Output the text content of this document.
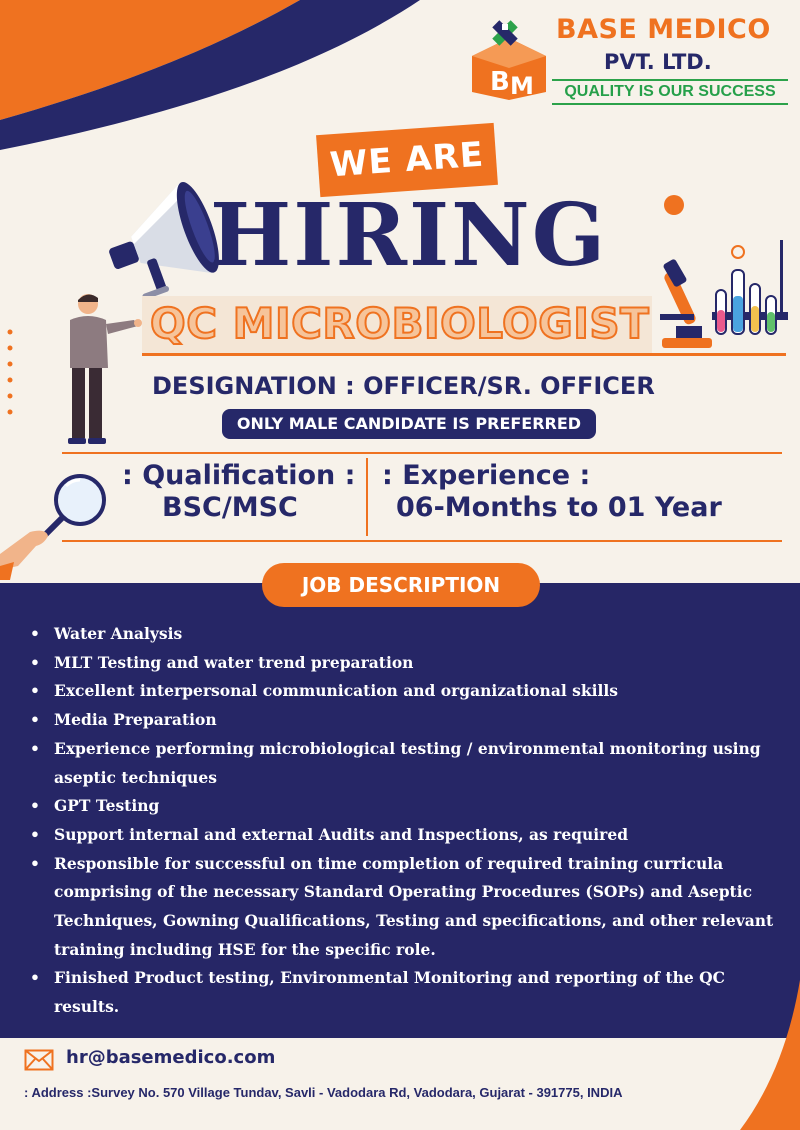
B M
BASE MEDICO
PVT. LTD.
QUALITY IS OUR SUCCESS
WE ARE
HIRING
QC MICROBIOLOGIST
DESIGNATION : OFFICER/SR. OFFICER
ONLY MALE CANDIDATE IS PREFERRED
: Qualification :
BSC/MSC
: Experience :
06-Months to 01 Year
JOB DESCRIPTION
• Water Analysis
• MLT Testing and water trend preparation
• Excellent interpersonal communication and organizational skills
• Media Preparation
• Experience performing microbiological testing / environmental monitoring using aseptic techniques
• GPT Testing
• Support internal and external Audits and Inspections, as required
• Responsible for successful on time completion of required training curricula comprising of the necessary Standard Operating Procedures (SOPs) and Aseptic Techniques, Gowning Qualifications, Testing and specifications, and other relevant training including HSE for the specific role.
• Finished Product testing, Environmental Monitoring and reporting of the QC results.
hr@basemedico.com
: Address :Survey No. 570 Village Tundav, Savli - Vadodara Rd, Vadodara, Gujarat - 391775, INDIA
